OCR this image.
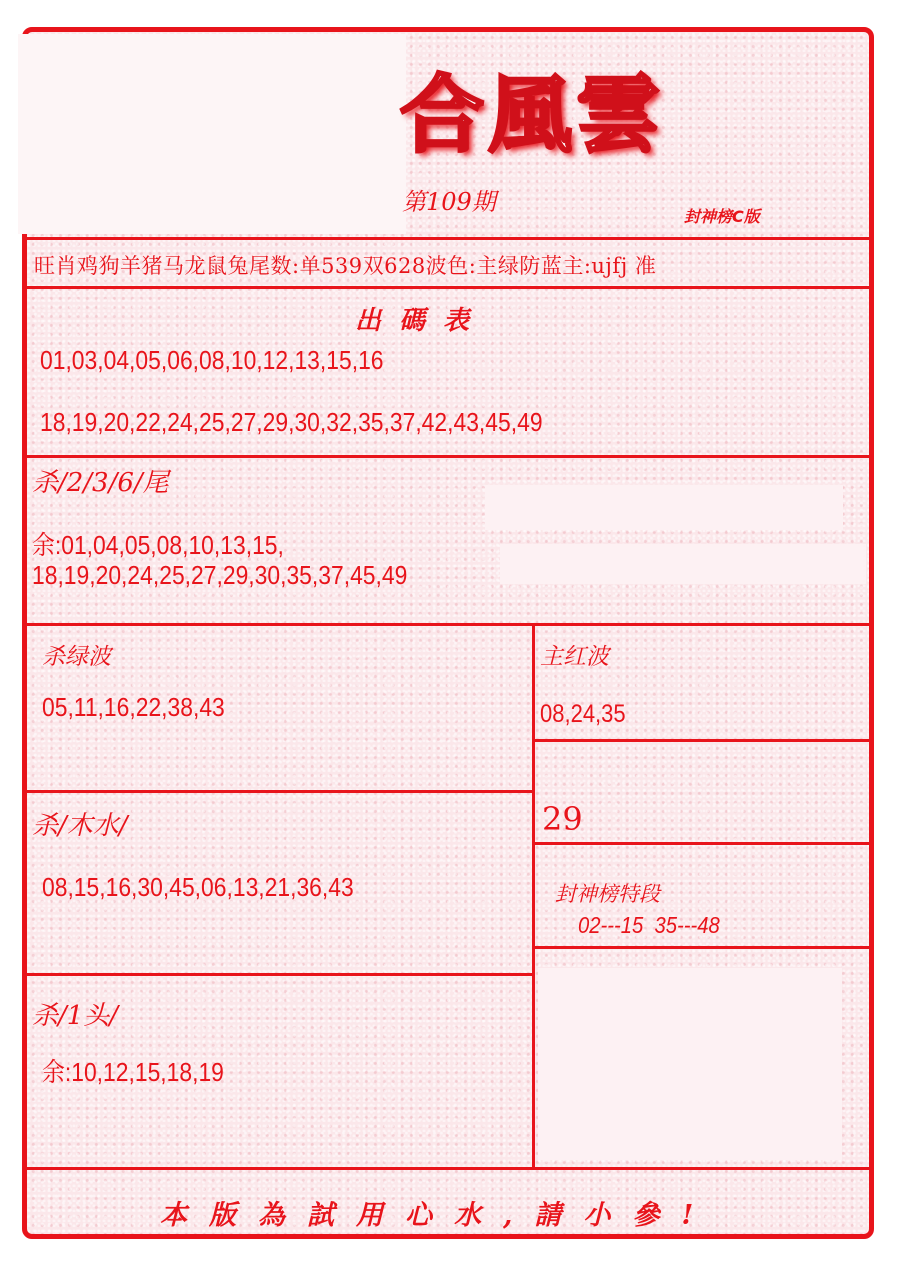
合風雲
第109期
封神榜C版
旺肖鸡狗羊猪马龙鼠兔尾数:单539双628波色:主绿防蓝主:ujfj 准
出碼表
01,03,04,05,06,08,10,12,13,15,16
18,19,20,22,24,25,27,29,30,32,35,37,42,43,45,49
杀/2/3/6/尾
余:01,04,05,08,10,13,15,
18,19,20,24,25,27,29,30,35,37,45,49
杀绿波
05,11,16,22,38,43
主红波
08,24,35
29
杀/木水/
08,15,16,30,45,06,13,21,36,43	封神榜特段
02---15  35---48
杀/1头/
余:10,12,15,18,19
本版為試用心水,請小參!
